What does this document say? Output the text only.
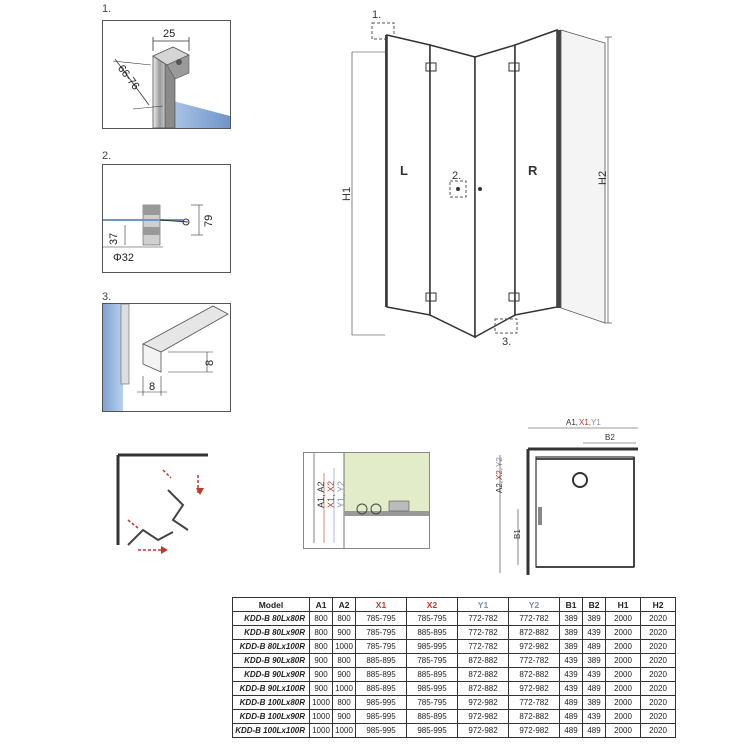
1.
25
66-76
2.
79
37
Φ32
3.
8
8
1.
H1
L	R
2.
3.
H2
A1, A2 X1, X2 Y1, Y2
A1, X1, Y1
B2
A2,
X2,
Y2
B1
Model	A1	A2	X1	X2	Y1	Y2	B1	B2	H1	H2
KDD-B 80Lx80R	800	800	785-795	785-795	772-782	772-782	389	389	2000	2020
KDD-B 80Lx90R	800	900	785-795	885-895	772-782	872-882	389	439	2000	2020
KDD-B 80Lx100R	800	1000	785-795	985-995	772-782	972-982	389	489	2000	2020
KDD-B 90Lx80R	900	800	885-895	785-795	872-882	772-782	439	389	2000	2020
KDD-B 90Lx90R	900	900	885-895	885-895	872-882	872-882	439	439	2000	2020
KDD-B 90Lx100R	900	1000	885-895	985-995	872-882	972-982	439	489	2000	2020
KDD-B 100Lx80R	1000	800	985-995	785-795	972-982	772-782	489	389	2000	2020
KDD-B 100Lx90R	1000	900	985-995	885-895	972-982	872-882	489	439	2000	2020
KDD-B 100Lx100R	1000	1000	985-995	985-995	972-982	972-982	489	489	2000	2020
